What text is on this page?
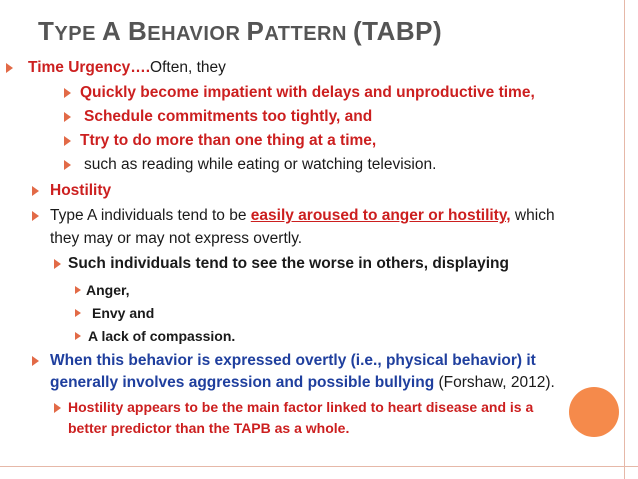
TYPE A BEHAVIOR PATTERN (TABP)
Time Urgency….Often, they
Quickly become impatient with delays and unproductive time,
Schedule commitments too tightly, and
Ttry to do more than one thing at a time,
such as reading while eating or watching television.
Hostility
Type A individuals tend to be easily aroused to anger or hostility, which
they may or may not express overtly.
Such individuals tend to see the worse in others, displaying
Anger,
Envy and
A lack of compassion.
When this behavior is expressed overtly (i.e., physical behavior) it
generally involves aggression and possible bullying (Forshaw, 2012).
Hostility appears to be the main factor linked to heart disease and is a
better predictor than the TAPB as a whole.
